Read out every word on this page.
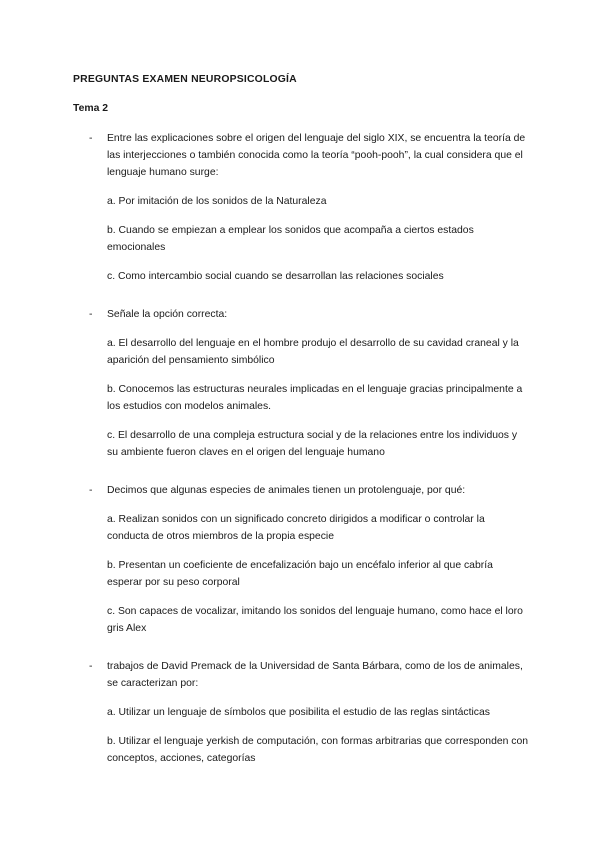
PREGUNTAS EXAMEN NEUROPSICOLOGÍA
Tema 2
- Entre las explicaciones sobre el origen del lenguaje del siglo XIX, se encuentra la teoría de las interjecciones o también conocida como la teoría “pooh-pooh”, la cual considera que el lenguaje humano surge:
a. Por imitación de los sonidos de la Naturaleza
b. Cuando se empiezan a emplear los sonidos que acompaña a ciertos estados emocionales
c. Como intercambio social cuando se desarrollan las relaciones sociales
- Señale la opción correcta:
a. El desarrollo del lenguaje en el hombre produjo el desarrollo de su cavidad craneal y la aparición del pensamiento simbólico
b. Conocemos las estructuras neurales implicadas en el lenguaje gracias principalmente a los estudios con modelos animales.
c. El desarrollo de una compleja estructura social y de la relaciones entre los individuos y su ambiente fueron claves en el origen del lenguaje humano
- Decimos que algunas especies de animales tienen un protolenguaje, por qué:
a. Realizan sonidos con un significado concreto dirigidos a modificar o controlar la conducta de otros miembros de la propia especie
b. Presentan un coeficiente de encefalización bajo un encéfalo inferior al que cabría esperar por su peso corporal
c. Son capaces de vocalizar, imitando los sonidos del lenguaje humano, como hace el loro gris Alex
- trabajos de David Premack de la Universidad de Santa Bárbara, como de los de animales, se caracterizan por:
a. Utilizar un lenguaje de símbolos que posibilita el estudio de las reglas sintácticas
b. Utilizar el lenguaje yerkish de computación, con formas arbitrarias que corresponden con conceptos, acciones, categorías
